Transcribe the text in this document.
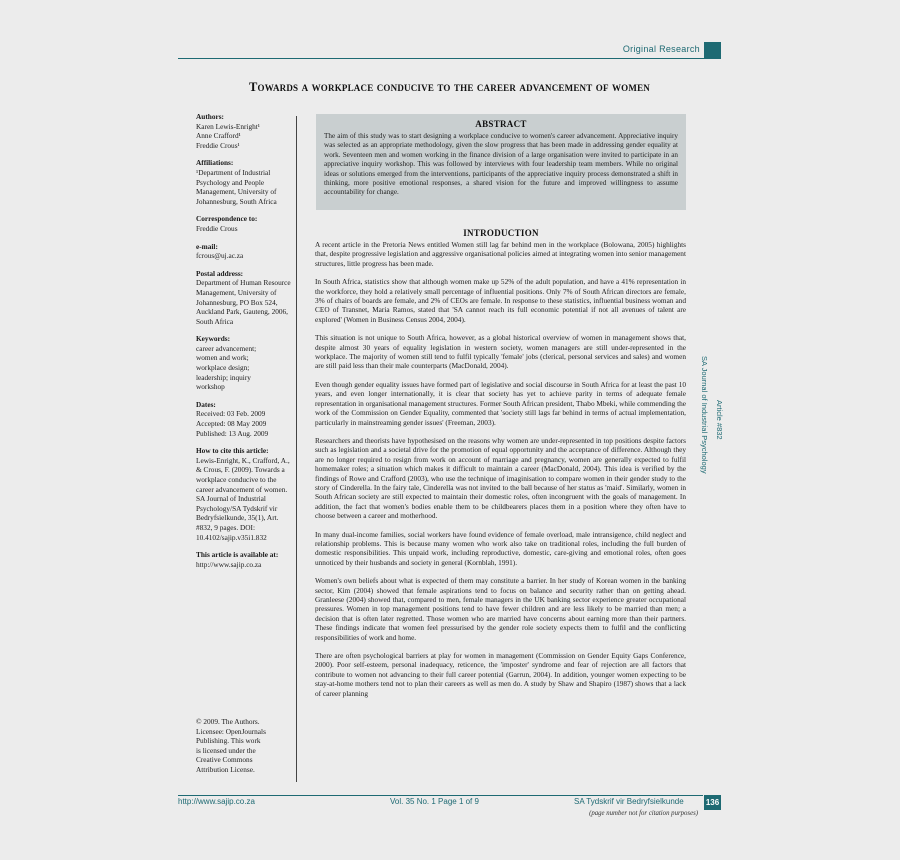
Original Research
Towards a workplace conducive to the career advancement of women
Authors:
Karen Lewis-Enright¹
Anne Crafford¹
Freddie Crous¹
Affiliations:
¹Department of Industrial Psychology and People Management, University of Johannesburg, South Africa
Correspondence to:
Freddie Crous
e-mail:
fcrous@uj.ac.za
Postal address:
Department of Human Resource Management, University of Johannesburg, PO Box 524, Auckland Park, Gauteng, 2006, South Africa
Keywords:
career advancement;
women and work;
workplace design;
leadership; inquiry
workshop
Dates:
Received: 03 Feb. 2009
Accepted: 08 May 2009
Published: 13 Aug. 2009
How to cite this article:
Lewis-Enright, K., Crafford, A., & Crous, F. (2009). Towards a workplace conducive to the career advancement of women. SA Journal of Industrial Psychology/SA Tydskrif vir Bedryfsielkunde, 35(1), Art. #832, 9 pages. DOI: 10.4102/sajip.v35i1.832
This article is available at:
http://www.sajip.co.za
© 2009. The Authors.
Licensee: OpenJournals
Publishing. This work
is licensed under the
Creative Commons
Attribution License.
ABSTRACT
The aim of this study was to start designing a workplace conducive to women's career advancement. Appreciative inquiry was selected as an appropriate methodology, given the slow progress that has been made in addressing gender equality at work. Seventeen men and women working in the finance division of a large organisation were invited to participate in an appreciative inquiry workshop. This was followed by interviews with four leadership team members. While no original ideas or solutions emerged from the interventions, participants of the appreciative inquiry process demonstrated a shift in thinking, more positive emotional responses, a shared vision for the future and improved willingness to assume accountability for change.
INTRODUCTION

A recent article in the Pretoria News entitled Women still lag far behind men in the workplace (Bolowana, 2005) highlights that, despite progressive legislation and aggressive organisational policies aimed at integrating women into senior management structures, little progress has been made.

In South Africa, statistics show that although women make up 52% of the adult population, and have a 41% representation in the workforce, they hold a relatively small percentage of influential positions. Only 7% of South African directors are female, 3% of chairs of boards are female, and 2% of CEOs are female. In response to these statistics, influential business woman and CEO of Transnet, Maria Ramos, stated that 'SA cannot reach its full economic potential if not all avenues of talent are explored' (Women in Business Census 2004, 2004).

This situation is not unique to South Africa, however, as a global historical overview of women in management shows that, despite almost 30 years of equality legislation in western society, women managers are still under-represented in the workplace. The majority of women still tend to fulfil typically 'female' jobs (clerical, personal services and sales) and women are still paid less than their male counterparts (MacDonald, 2004).

Even though gender equality issues have formed part of legislative and social discourse in South Africa for at least the past 10 years, and even longer internationally, it is clear that society has yet to achieve parity in terms of adequate female representation in organisational management structures. Former South African president, Thabo Mbeki, while commending the work of the Commission on Gender Equality, commented that 'society still lags far behind in terms of actual implementation, particularly in mainstreaming gender issues' (Freeman, 2003).

Researchers and theorists have hypothesised on the reasons why women are under-represented in top positions despite factors such as legislation and a societal drive for the promotion of equal opportunity and the acceptance of difference. Although they are no longer required to resign from work on account of marriage and pregnancy, women are generally expected to fulfil homemaker roles; a situation which makes it difficult to maintain a career (MacDonald, 2004). This idea is verified by the findings of Rowe and Crafford (2003), who use the technique of imaginisation to compare women in their gender study to the story of Cinderella. In the fairy tale, Cinderella was not invited to the ball because of her status as 'maid'. Similarly, women in South African society are still expected to maintain their domestic roles, often incongruent with the goals of management. In addition, the fact that women's bodies enable them to be childbearers places them in a position where they often have to choose between a career and motherhood.

In many dual-income families, social workers have found evidence of female overload, male intransigence, child neglect and relationship problems. This is because many women who work also take on traditional roles, including the full burden of domestic responsibilities. This unpaid work, including reproductive, domestic, care-giving and emotional roles, often goes unnoticed by their husbands and society in general (Kornblah, 1991).

Women's own beliefs about what is expected of them may constitute a barrier. In her study of Korean women in the banking sector, Kim (2004) showed that female aspirations tend to focus on balance and security rather than on getting ahead. Granleese (2004) showed that, compared to men, female managers in the UK banking sector experience greater occupational pressures. Women in top management positions tend to have fewer children and are less likely to be married than men; a decision that is often later regretted. Those women who are married have concerns about earning more than their partners. These findings indicate that women feel pressurised by the gender role society expects them to fulfil and the conflicting responsibilities of work and home.

There are often psychological barriers at play for women in management (Commission on Gender Equity Gaps Conference, 2000). Poor self-esteem, personal inadequacy, reticence, the 'imposter' syndrome and fear of rejection are all factors that contribute to women not advancing to their full career potential (Garrun, 2004). In addition, younger women expecting to be stay-at-home mothers tend not to plan their careers as well as men do. A study by Shaw and Shapiro (1987) shows that a lack of career planning

SA Journal of Industrial Psychology Article #832
http://www.sajip.co.za	Vol. 35 No. 1 Page 1 of 9	SA Tydskrif vir Bedryfsielkunde	136
(page number not for citation purposes)
